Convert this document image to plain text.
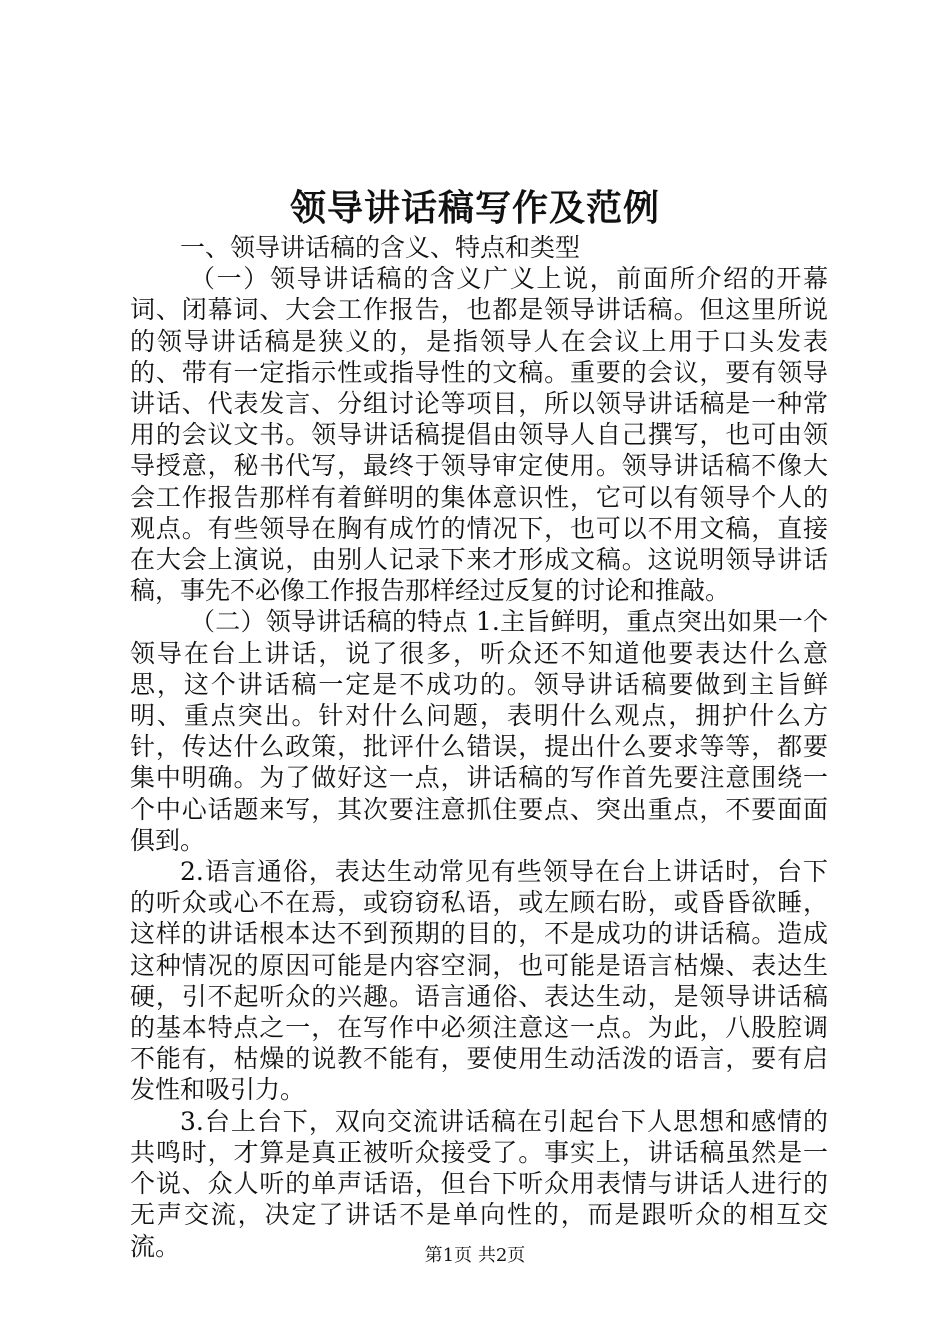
领导讲话稿写作及范例

一、领导讲话稿的含义、特点和类型

（一）领导讲话稿的含义广义上说，前面所介绍的开幕词、闭幕词、大会工作报告，也都是领导讲话稿。但这里所说的领导讲话稿是狭义的，是指领导人在会议上用于口头发表的、带有一定指示性或指导性的文稿。重要的会议，要有领导讲话、代表发言、分组讨论等项目，所以领导讲话稿是一种常用的会议文书。领导讲话稿提倡由领导人自己撰写，也可由领导授意，秘书代写，最终于领导审定使用。领导讲话稿不像大会工作报告那样有着鲜明的集体意识性，它可以有领导个人的观点。有些领导在胸有成竹的情况下，也可以不用文稿，直接在大会上演说，由别人记录下来才形成文稿。这说明领导讲话稿，事先不必像工作报告那样经过反复的讨论和推敲。

（二）领导讲话稿的特点 1.主旨鲜明，重点突出如果一个领导在台上讲话，说了很多，听众还不知道他要表达什么意思，这个讲话稿一定是不成功的。领导讲话稿要做到主旨鲜明、重点突出。针对什么问题，表明什么观点，拥护什么方针，传达什么政策，批评什么错误，提出什么要求等等，都要集中明确。为了做好这一点，讲话稿的写作首先要注意围绕一个中心话题来写，其次要注意抓住要点、突出重点，不要面面俱到。

2.语言通俗，表达生动常见有些领导在台上讲话时，台下的听众或心不在焉，或窃窃私语，或左顾右盼，或昏昏欲睡，这样的讲话根本达不到预期的目的，不是成功的讲话稿。造成这种情况的原因可能是内容空洞，也可能是语言枯燥、表达生硬，引不起听众的兴趣。语言通俗、表达生动，是领导讲话稿的基本特点之一，在写作中必须注意这一点。为此，八股腔调不能有，枯燥的说教不能有，要使用生动活泼的语言，要有启发性和吸引力。

3.台上台下，双向交流讲话稿在引起台下人思想和感情的共鸣时，才算是真正被听众接受了。事实上，讲话稿虽然是一个说、众人听的单声话语，但台下听众用表情与讲话人进行的无声交流，决定了讲话不是单向性的，而是跟听众的相互交流。	第1页 共2页
